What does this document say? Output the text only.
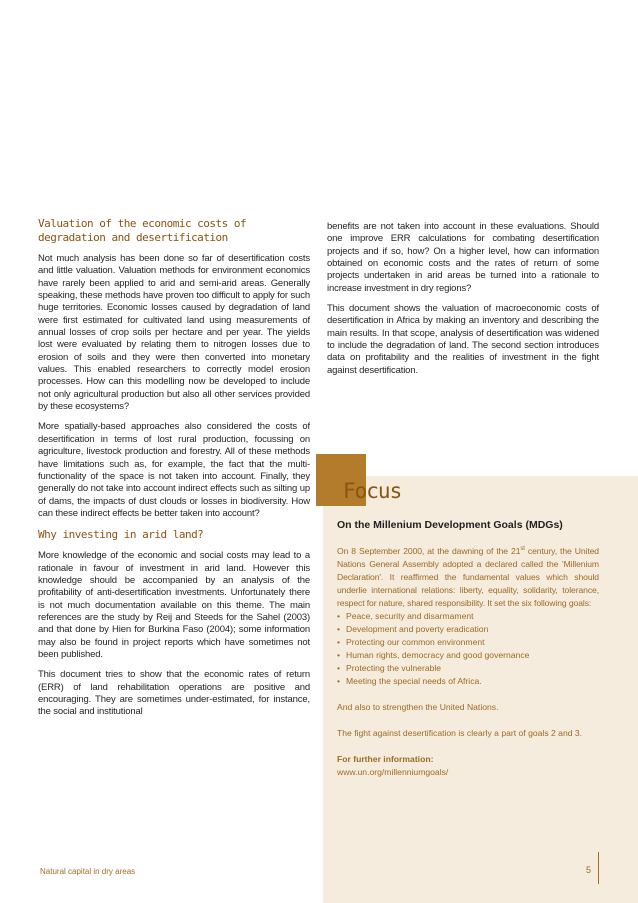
Valuation of the economic costs of degradation and desertification

Not much analysis has been done so far of desertification costs and little valuation. Valuation methods for environment economics have rarely been applied to arid and semi-arid areas. Generally speaking, these methods have proven too difficult to apply for such huge territories. Economic losses caused by degradation of land were first estimated for cultivated land using measurements of annual losses of crop soils per hectare and per year. The yields lost were evaluated by relating them to nitrogen losses due to erosion of soils and they were then converted into monetary values. This enabled researchers to correctly model erosion processes. How can this modelling now be developed to include not only agricultural production but also all other services provided by these ecosystems?

More spatially-based approaches also considered the costs of desertification in terms of lost rural production, focussing on agriculture, livestock production and forestry. All of these methods have limitations such as, for example, the fact that the multi-functionality of the space is not taken into account. Finally, they generally do not take into account indirect effects such as silting up of dams, the impacts of dust clouds or losses in biodiversity. How can these indirect effects be better taken into account?

Why investing in arid land?

More knowledge of the economic and social costs may lead to a rationale in favour of investment in arid land. However this knowledge should be accompanied by an analysis of the profitability of anti-desertification investments. Unfortunately there is not much documentation available on this theme. The main references are the study by Reij and Steeds for the Sahel (2003) and that done by Hien for Burkina Faso (2004); some information may also be found in project reports which have sometimes not been published.

This document tries to show that the economic rates of return (ERR) of land rehabilitation operations are positive and encouraging. They are sometimes under-estimated, for instance, the social and institutional

benefits are not taken into account in these evaluations. Should one improve ERR calculations for combating desertification projects and if so, how? On a higher level, how can information obtained on economic costs and the rates of return of some projects undertaken in arid areas be turned into a rationale to increase investment in dry regions?

This document shows the valuation of macroeconomic costs of desertification in Africa by making an inventory and describing the main results. In that scope, analysis of desertification was widened to include the degradation of land. The second section introduces data on profitability and the realities of investment in the fight against desertification.

Focus

On the Millenium Development Goals (MDGs)

On 8 September 2000, at the dawning of the 21st century, the United Nations General Assembly adopted a declared called the 'Millenium Declaration'. It reaffirmed the fundamental values which should underlie international relations: liberty, equality, solidarity, tolerance, respect for nature, shared responsibility. It set the six following goals:

• Peace, security and disarmament
• Development and poverty eradication
• Protecting our common environment
• Human rights, democracy and good governance
• Protecting the vulnerable
• Meeting the special needs of Africa.

And also to strengthen the United Nations.

The fight against desertification is clearly a part of goals 2 and 3.

For further information:

www.un.org/millenniumgoals/

Natural capital in dry areas	5
